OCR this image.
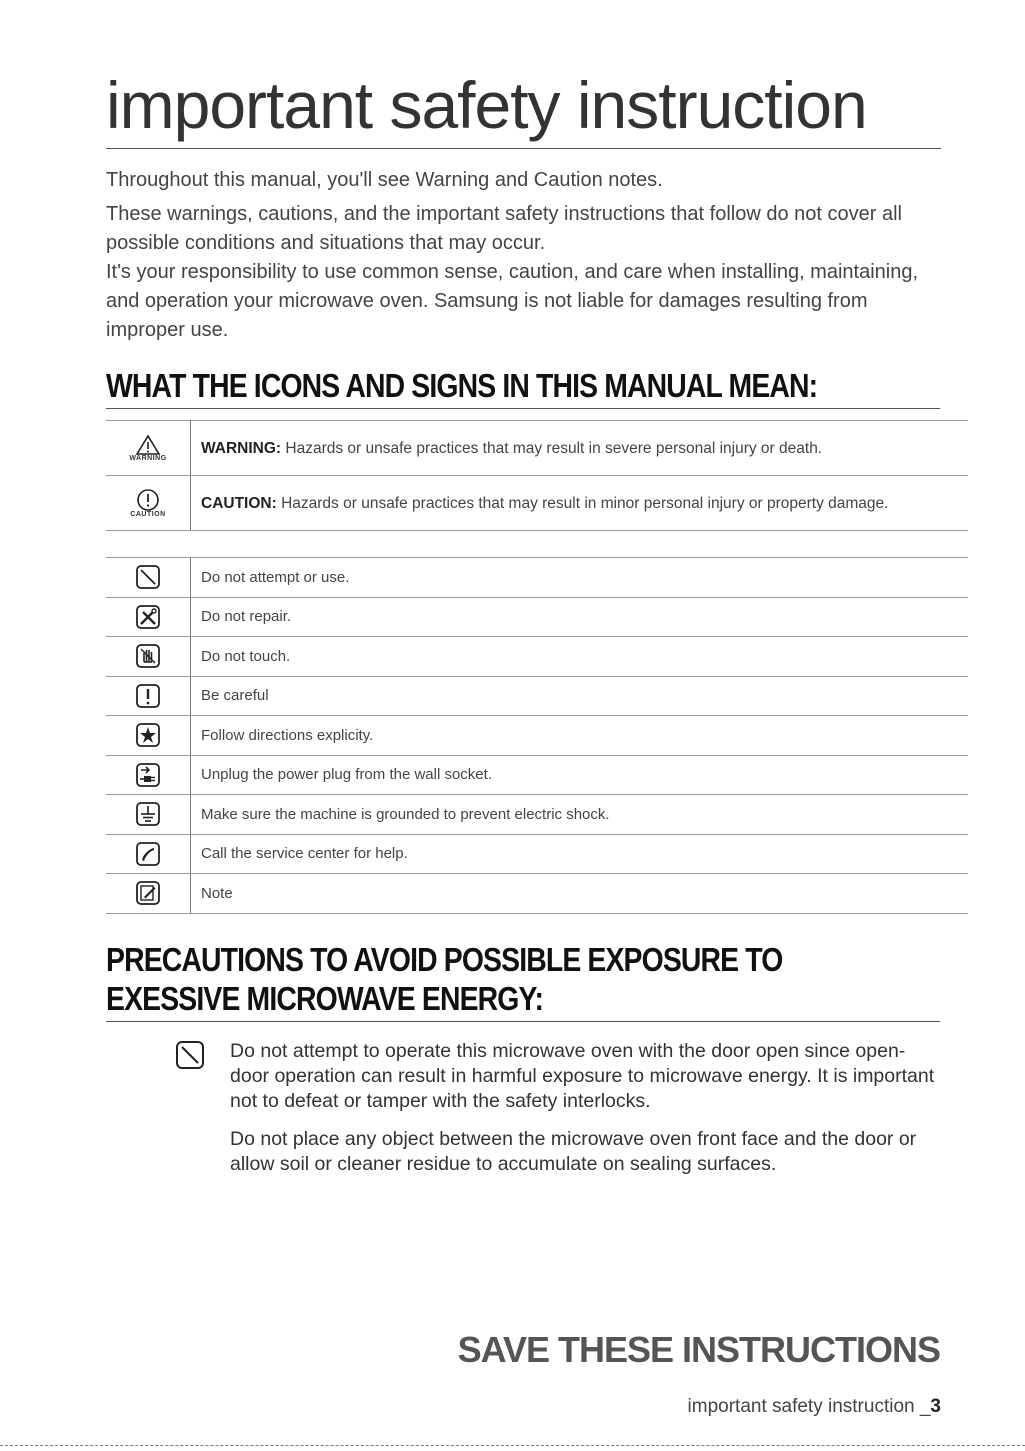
important safety instruction

Throughout this manual, you'll see Warning and Caution notes.

These warnings, cautions, and the important safety instructions that follow do not cover all possible conditions and situations that may occur.

It's your responsibility to use common sense, caution, and care when installing, maintaining, and operation your microwave oven. Samsung is not liable for damages resulting from improper use.

WHAT THE ICONS AND SIGNS IN THIS MANUAL MEAN:
WARNING	WARNING: Hazards or unsafe practices that may result in severe personal injury or death.

CAUTION	CAUTION: Hazards or unsafe practices that may result in minor personal injury or property damage.
	Do not attempt or use.
	Do not repair.
	Do not touch.
	Be careful
	Follow directions explicity.
	Unplug the power plug from the wall socket.
	Make sure the machine is grounded to prevent electric shock.
	Call the service center for help.
	Note
PRECAUTIONS TO AVOID POSSIBLE EXPOSURE TO
EXESSIVE MICROWAVE ENERGY:
Do not attempt to operate this microwave oven with the door open since open-door operation can result in harmful exposure to microwave energy. It is important not to defeat or tamper with the safety interlocks.
Do not place any object between the microwave oven front face and the door or allow soil or cleaner residue to accumulate on sealing surfaces.
SAVE THESE INSTRUCTIONS
important safety instruction _3
